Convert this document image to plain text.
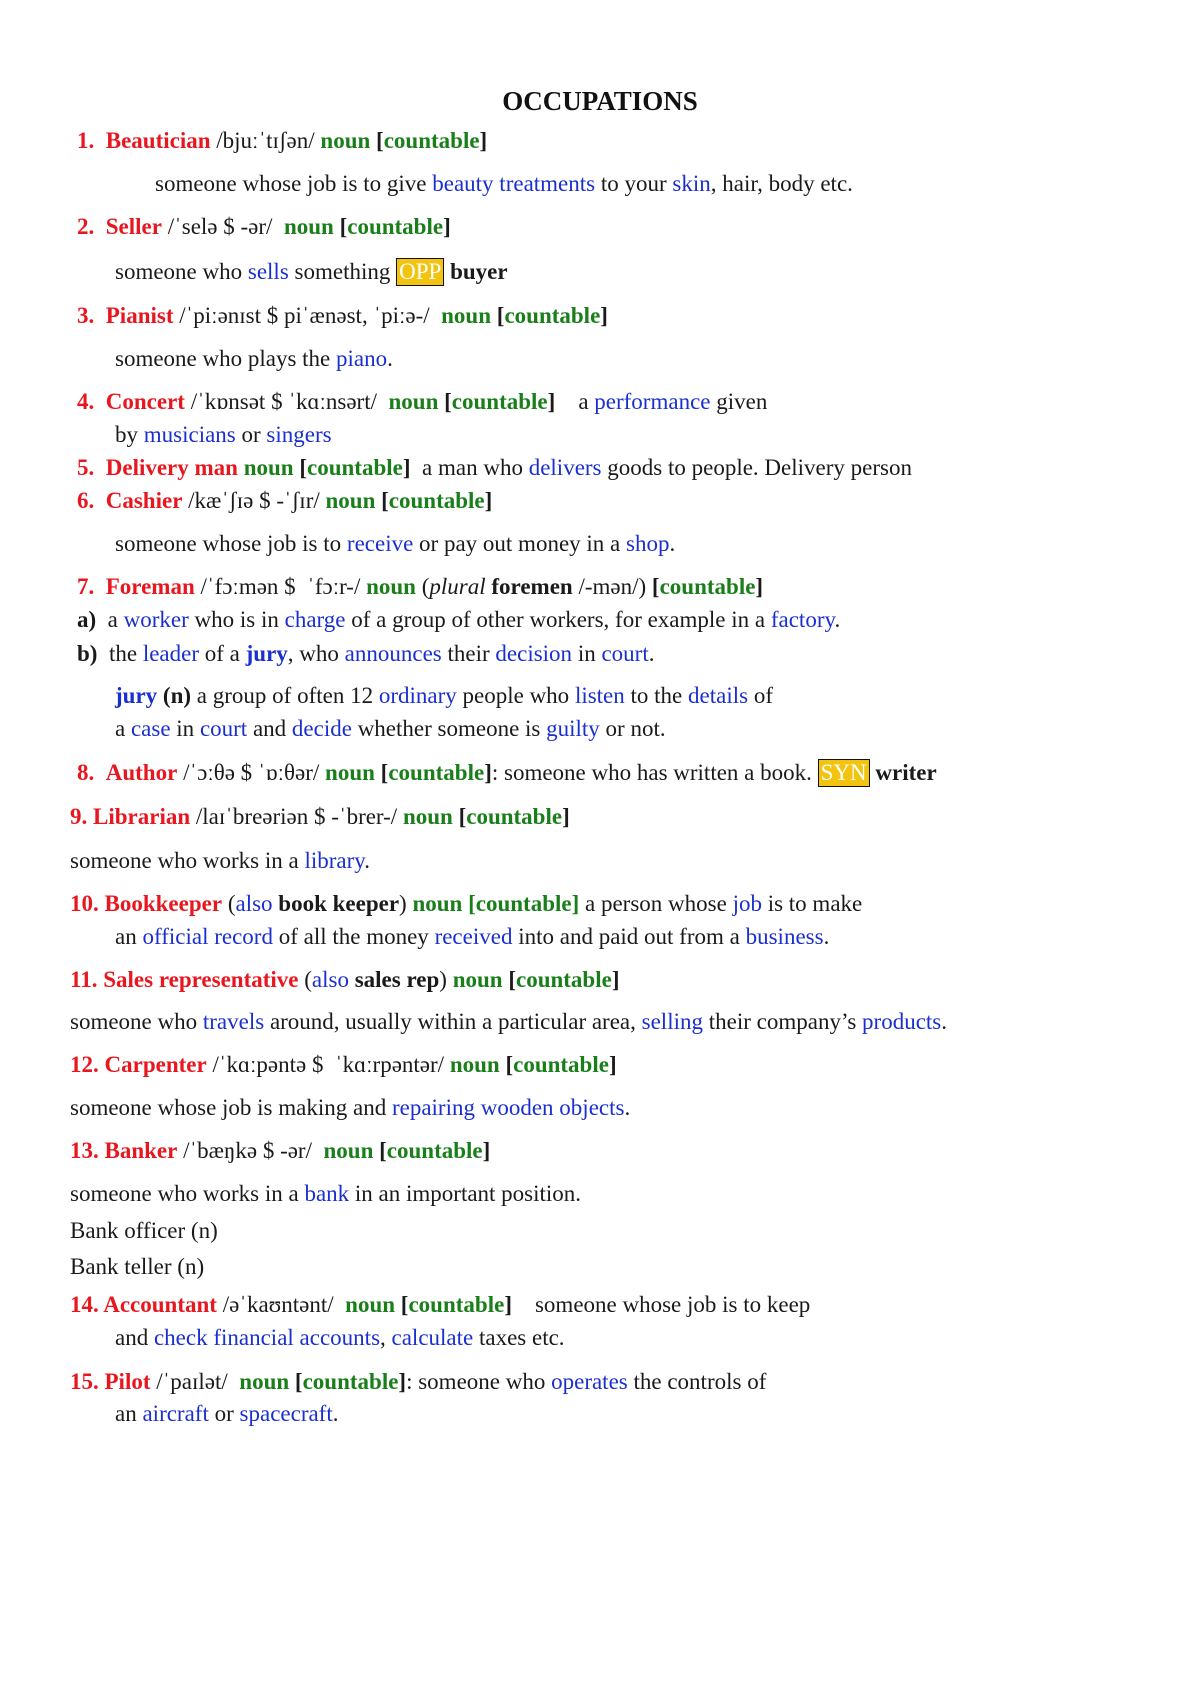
OCCUPATIONS
1. Beautician /bjuːˈtɪʃən/ noun [countable]
someone whose job is to give beauty treatments to your skin, hair, body etc.
2. Seller /ˈselə $ -ər/  noun [countable]
someone who sells something OPP buyer
3. Pianist /ˈpiːənɪst $ piˈænəst, ˈpiːə-/  noun [countable]
someone who plays the piano.
4. Concert /ˈkɒnsət $ ˈkɑːnsərt/  noun [countable]    a performance given
by musicians or singers
5. Delivery man noun [countable]  a man who delivers goods to people. Delivery person
6. Cashier /kæˈʃɪə $ -ˈʃɪr/ noun [countable]
someone whose job is to receive or pay out money in a shop.
7. Foreman /ˈfɔːmən $  ˈfɔːr-/ noun (plural foremen /-mən/) [countable]
a)  a worker who is in charge of a group of other workers, for example in a factory.
b)  the leader of a jury, who announces their decision in court.
jury (n) a group of often 12 ordinary people who listen to the details of
a case in court and decide whether someone is guilty or not.
8. Author /ˈɔːθə $ ˈɒːθər/ noun [countable]: someone who has written a book. SYN writer
9. Librarian /laɪˈbreəriən $ -ˈbrer-/ noun [countable]
someone who works in a library.
10. Bookkeeper (also book keeper) noun [countable] a person whose job is to make
an official record of all the money received into and paid out from a business.
11. Sales representative (also sales rep) noun [countable]
someone who travels around, usually within a particular area, selling their company’s products.
12. Carpenter /ˈkɑːpəntə $  ˈkɑːrpəntər/ noun [countable]
someone whose job is making and repairing wooden objects.
13. Banker /ˈbæŋkə $ -ər/  noun [countable]
someone who works in a bank in an important position.
Bank officer (n)
Bank teller (n)
14. Accountant /əˈkaʊntənt/  noun [countable]    someone whose job is to keep
and check financial accounts, calculate taxes etc.
15. Pilot /ˈpaɪlət/  noun [countable]: someone who operates the controls of
an aircraft or spacecraft.
